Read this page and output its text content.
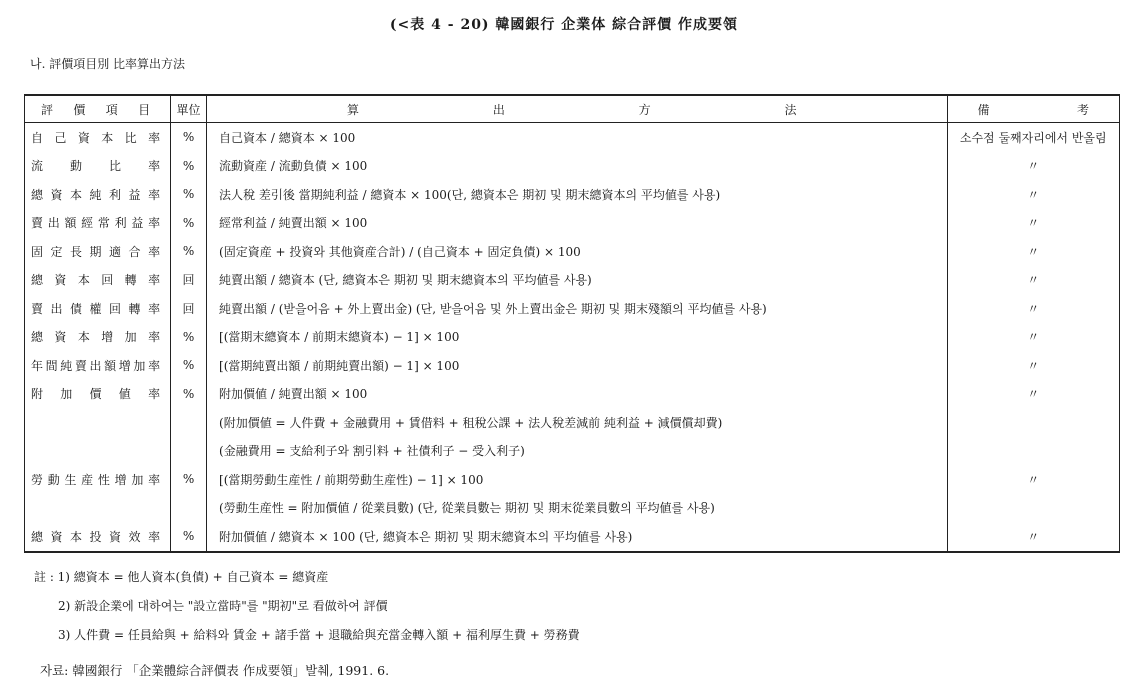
(<表 4 - 20) 韓國銀行 企業体 綜合評價 作成要領
나. 評價項目別 比率算出方法
評 價 項 目	單位	算 出 方 法	備 考
自己資本比率	%	自己資本 / 總資本 × 100	소수점 둘째자리에서 반올림
流動比率	%	流動資産 / 流動負債 × 100	〃
總資本純利益率	%	法人稅 差引後 當期純利益 / 總資本 × 100(단, 總資本은 期初 및 期末總資本의 平均値를 사용)	〃
賣出額經常利益率	%	經常利益 / 純賣出額 × 100	〃
固定長期適合率	%	(固定資産 + 投資와 其他資産合計) / (自己資本 + 固定負債) × 100	〃
總資本回轉率	回	純賣出額 / 總資本 (단, 總資本은 期初 및 期末總資本의 平均値를 사용)	〃
賣出債權回轉率	回	純賣出額 / (받을어음 + 外上賣出金) (단, 받을어음 및 外上賣出金은 期初 및 期末殘額의 平均値를 사용)	〃
總資本增加率	%	[(當期末總資本 / 前期末總資本) − 1] × 100	〃
年間純賣出額增加率	%	[(當期純賣出額 / 前期純賣出額) − 1] × 100	〃
附加價値率	%	附加價値 / 純賣出額 × 100	〃
		(附加價値 = 人件費 + 金融費用 + 賃借料 + 租稅公課 + 法人稅差減前 純利益 + 減價償却費)	
		(金融費用 = 支給利子와 割引料 + 社債利子 − 受入利子)	
勞動生産性增加率	%	[(當期勞動生産性 / 前期勞動生産性) − 1] × 100	〃
		(勞動生産性 = 附加價値 / 從業員數) (단, 從業員數는 期初 및 期末從業員數의 平均値를 사용)	
總資本投資效率	%	附加價値 / 總資本 × 100 (단, 總資本은 期初 및 期末總資本의 平均値를 사용)	〃
註 : 1) 總資本 = 他人資本(負債) + 自己資本 = 總資産
2) 新設企業에 대하여는 "設立當時"를 "期初"로 看做하여 評價
3) 人件費 = 任員給與 + 給料와 賃金 + 諸手當 + 退職給與充當金轉入額 + 福利厚生費 + 勞務費
자료: 韓國銀行 「企業體綜合評價表 作成要領」발췌, 1991. 6.
